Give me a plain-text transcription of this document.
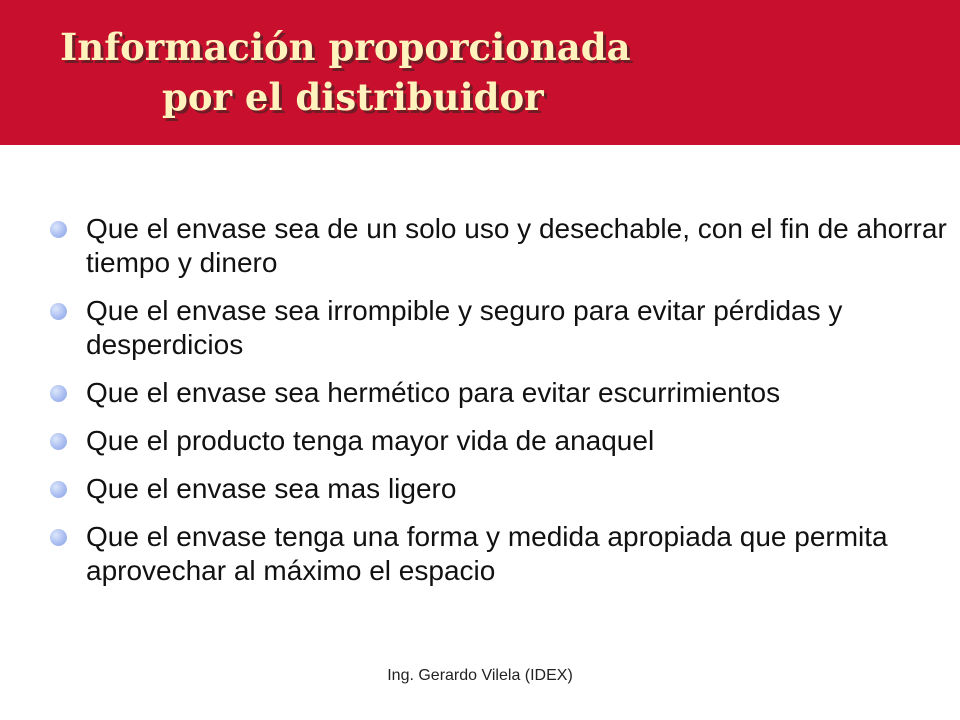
Información proporcionada
por el distribuidor
Que el envase sea de un solo uso y desechable, con el fin de ahorrar tiempo y dinero
Que el envase sea irrompible y seguro para evitar pérdidas y desperdicios
Que el envase sea hermético para evitar escurrimientos
Que el producto tenga mayor vida de anaquel
Que el envase sea mas ligero
Que el envase tenga una forma y medida apropiada que permita aprovechar al máximo el espacio
Ing. Gerardo Vilela (IDEX)
